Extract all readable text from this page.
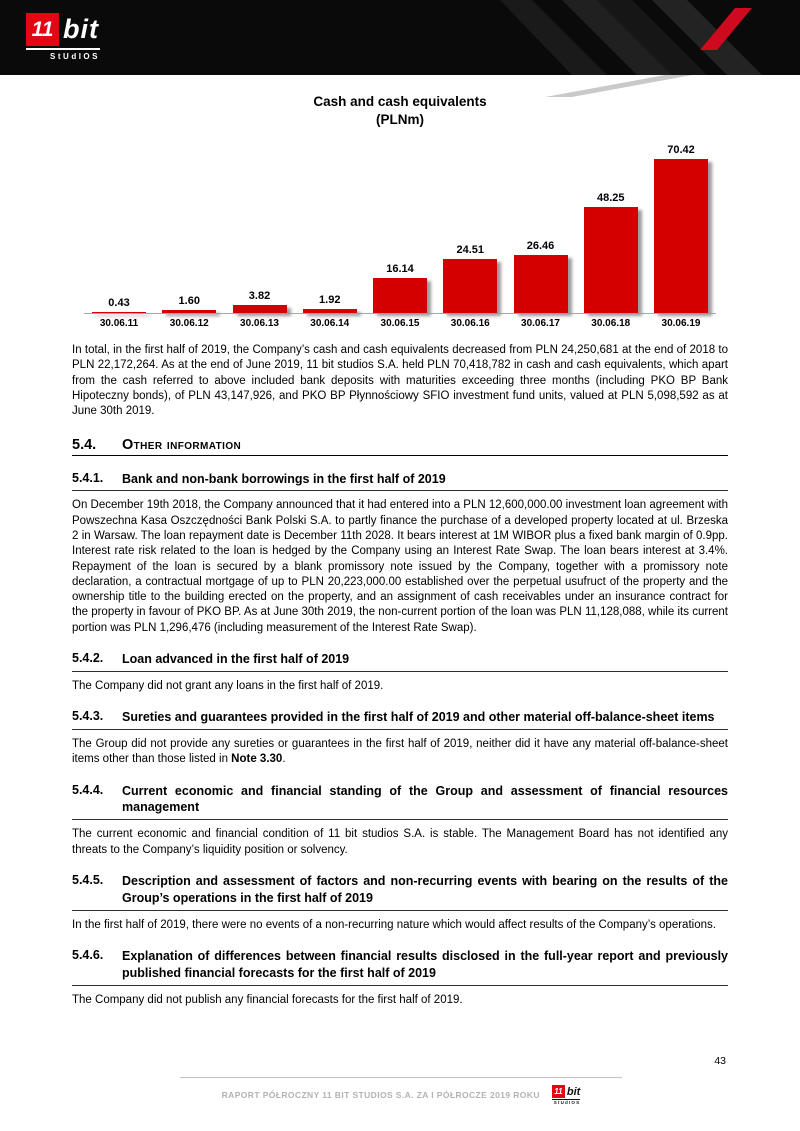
11 bit
StUdIOS
Cash and cash equivalents
(PLNm)
0.43	1.60	3.82	1.92
16.14
24.51	26.46
48.25
70.42
30.06.11	30.06.12	30.06.13	30.06.14	30.06.15	30.06.16	30.06.17	30.06.18	30.06.19

In total, in the first half of 2019, the Company’s cash and cash equivalents decreased from PLN 24,250,681 at the end of 2018 to PLN 22,172,264. As at the end of June 2019, 11 bit studios S.A. held PLN 70,418,782 in cash and cash equivalents, which apart from the cash referred to above included bank deposits with maturities exceeding three months (including PKO BP Bank Hipoteczny bonds), of PLN 43,147,926, and PKO BP Płynnościowy SFIO investment fund units, valued at PLN 5,098,592 as at June 30th 2019.

5.4.	Other information
5.4.1.	Bank and non-bank borrowings in the first half of 2019

On December 19th 2018, the Company announced that it had entered into a PLN 12,600,000.00 investment loan agreement with Powszechna Kasa Oszczędności Bank Polski S.A. to partly finance the purchase of a developed property located at ul. Brzeska 2 in Warsaw. The loan repayment date is December 11th 2028. It bears interest at 1M WIBOR plus a fixed bank margin of 0.9pp. Interest rate risk related to the loan is hedged by the Company using an Interest Rate Swap. The loan bears interest at 3.4%. Repayment of the loan is secured by a blank promissory note issued by the Company, together with a promissory note declaration, a contractual mortgage of up to PLN 20,223,000.00 established over the perpetual usufruct of the property and the ownership title to the building erected on the property, and an assignment of cash receivables under an insurance contract for the property in favour of PKO BP. As at June 30th 2019, the non-current portion of the loan was PLN 11,128,088, while its current portion was PLN 1,296,476 (including measurement of the Interest Rate Swap).

5.4.2.	Loan advanced in the first half of 2019

The Company did not grant any loans in the first half of 2019.

5.4.3.	Sureties and guarantees provided in the first half of 2019 and other material off-balance-sheet items

The Group did not provide any sureties or guarantees in the first half of 2019, neither did it have any material off-balance-sheet items other than those listed in Note 3.30.

5.4.4.	Current economic and financial standing of the Group and assessment of financial resources management

The current economic and financial condition of 11 bit studios S.A. is stable. The Management Board has not identified any threats to the Company’s liquidity position or solvency.

5.4.5.	Description and assessment of factors and non-recurring events with bearing on the results of the Group’s operations in the first half of 2019

In the first half of 2019, there were no events of a non-recurring nature which would affect results of the Company’s operations.

5.4.6.	Explanation of differences between financial results disclosed in the full-year report and previously published financial forecasts for the first half of 2019

The Company did not publish any financial forecasts for the first half of 2019.

43
RAPORT PÓŁROCZNY 11 BIT STUDIOS S.A. ZA I PÓŁROCZE 2019 ROKU 11 bit
StUdIOS
